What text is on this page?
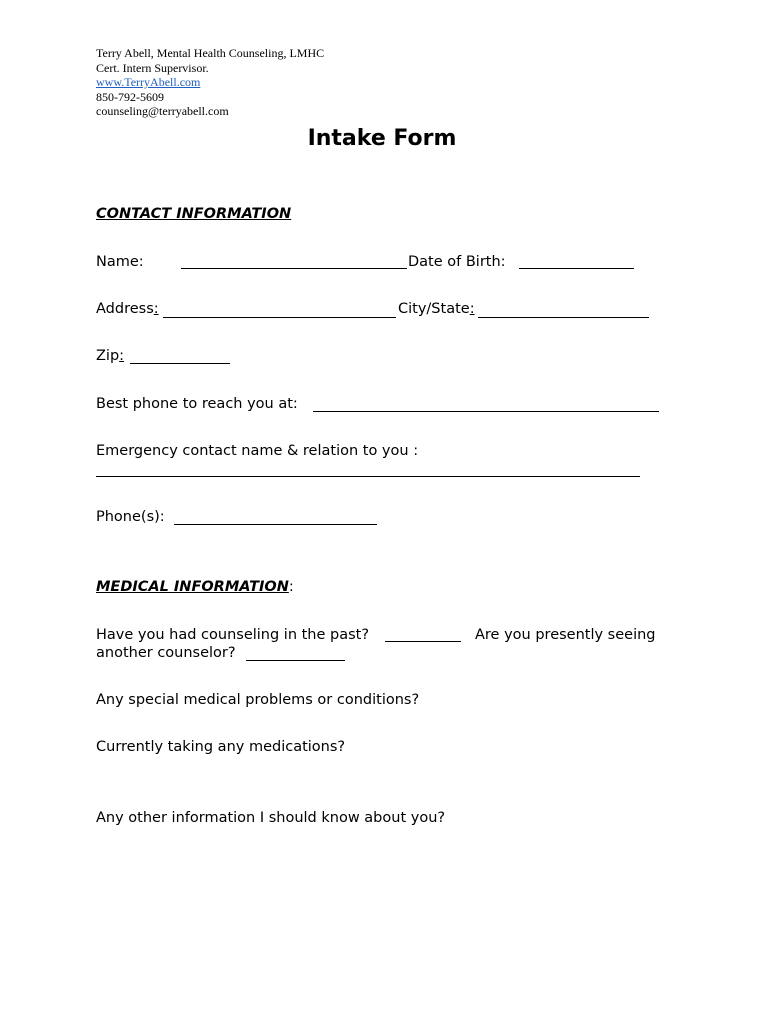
Terry Abell, Mental Health Counseling, LMHC
Cert. Intern Supervisor.
www.TerryAbell.com
850-792-5609
counseling@terryabell.com
Intake Form
CONTACT INFORMATION
Name:	Date of Birth:
Address:	City/State:
Zip:
Best phone to reach you at:
Emergency contact name & relation to you :
Phone(s):
MEDICAL INFORMATION:
Have you had counseling in the past?	Are you presently seeing
another counselor?
Any special medical problems or conditions?
Currently taking any medications?
Any other information I should know about you?
